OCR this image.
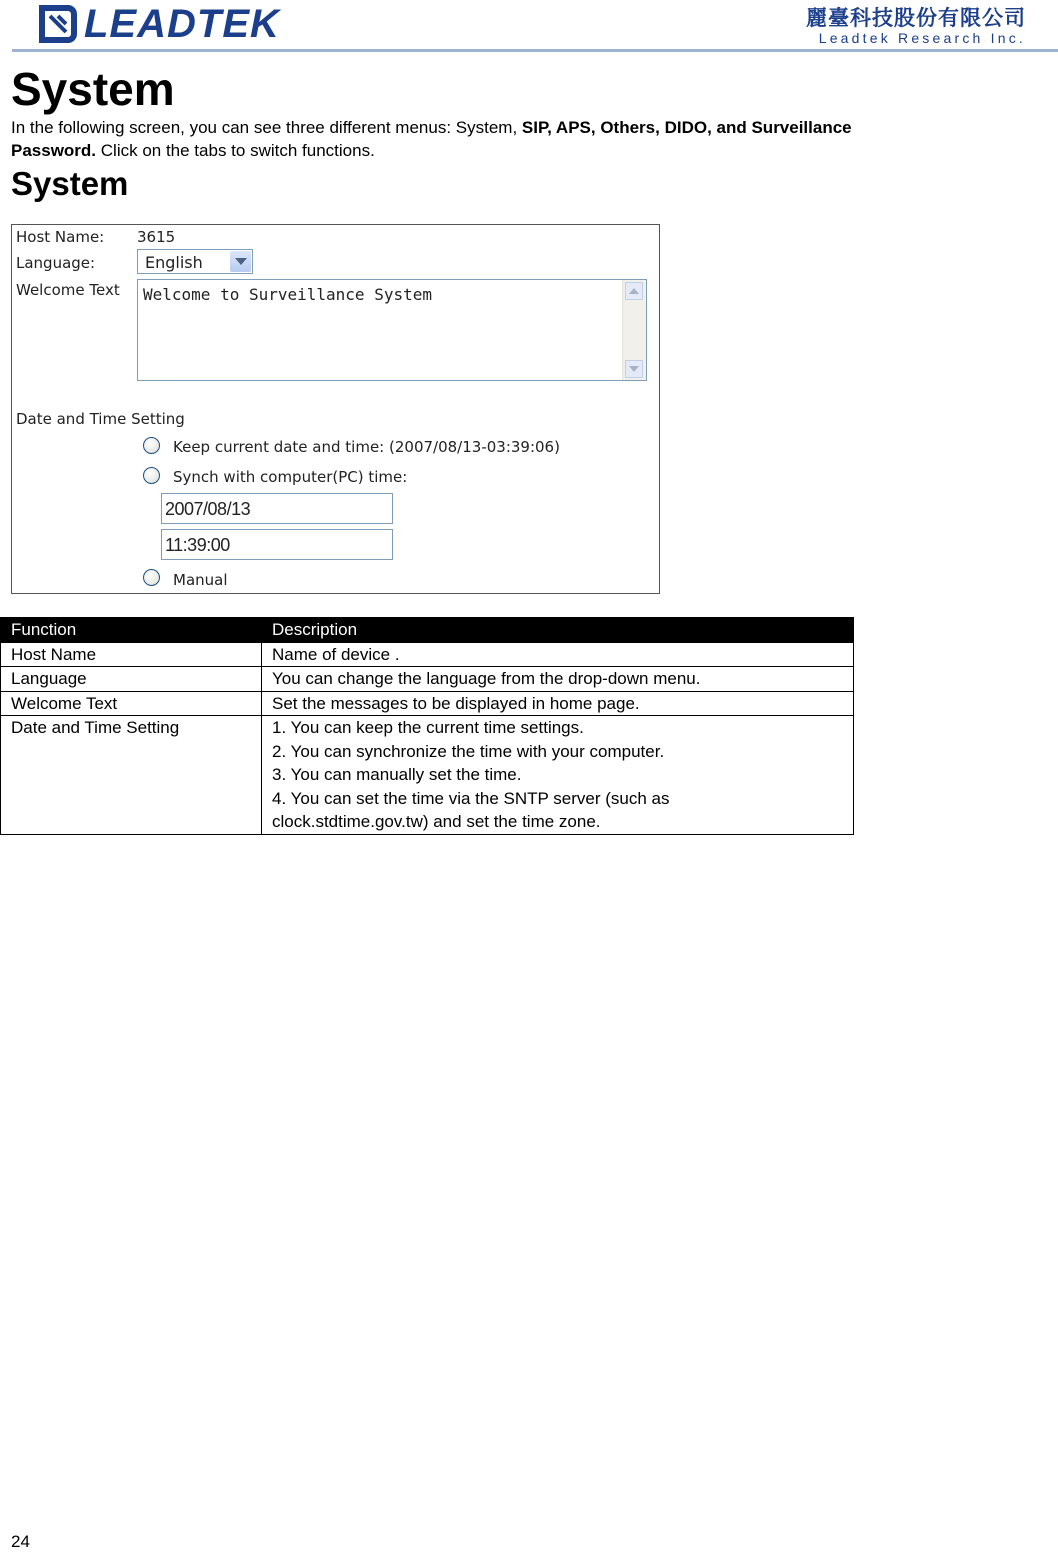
LEADTEK	麗臺科技股份有限公司
Leadtek Research Inc.
System
In the following screen, you can see three different menus: System, SIP, APS, Others, DIDO, and Surveillance
Password. Click on the tabs to switch functions.
System
Host Name: 3615
Language:	English
Welcome Text Welcome to Surveillance System
Date and Time Setting
Keep current date and time: (2007/08/13-03:39:06)
Synch with computer(PC) time:
2007/08/13
11:39:00
Manual
Function	Description
Host Name	Name of device .
Language	You can change the language from the drop-down menu.
Welcome Text	Set the messages to be displayed in home page.
Date and Time Setting	1. You can keep the current time settings.
2. You can synchronize the time with your computer.
3. You can manually set the time.
4. You can set the time via the SNTP server (such as
clock.stdtime.gov.tw) and set the time zone.
24
